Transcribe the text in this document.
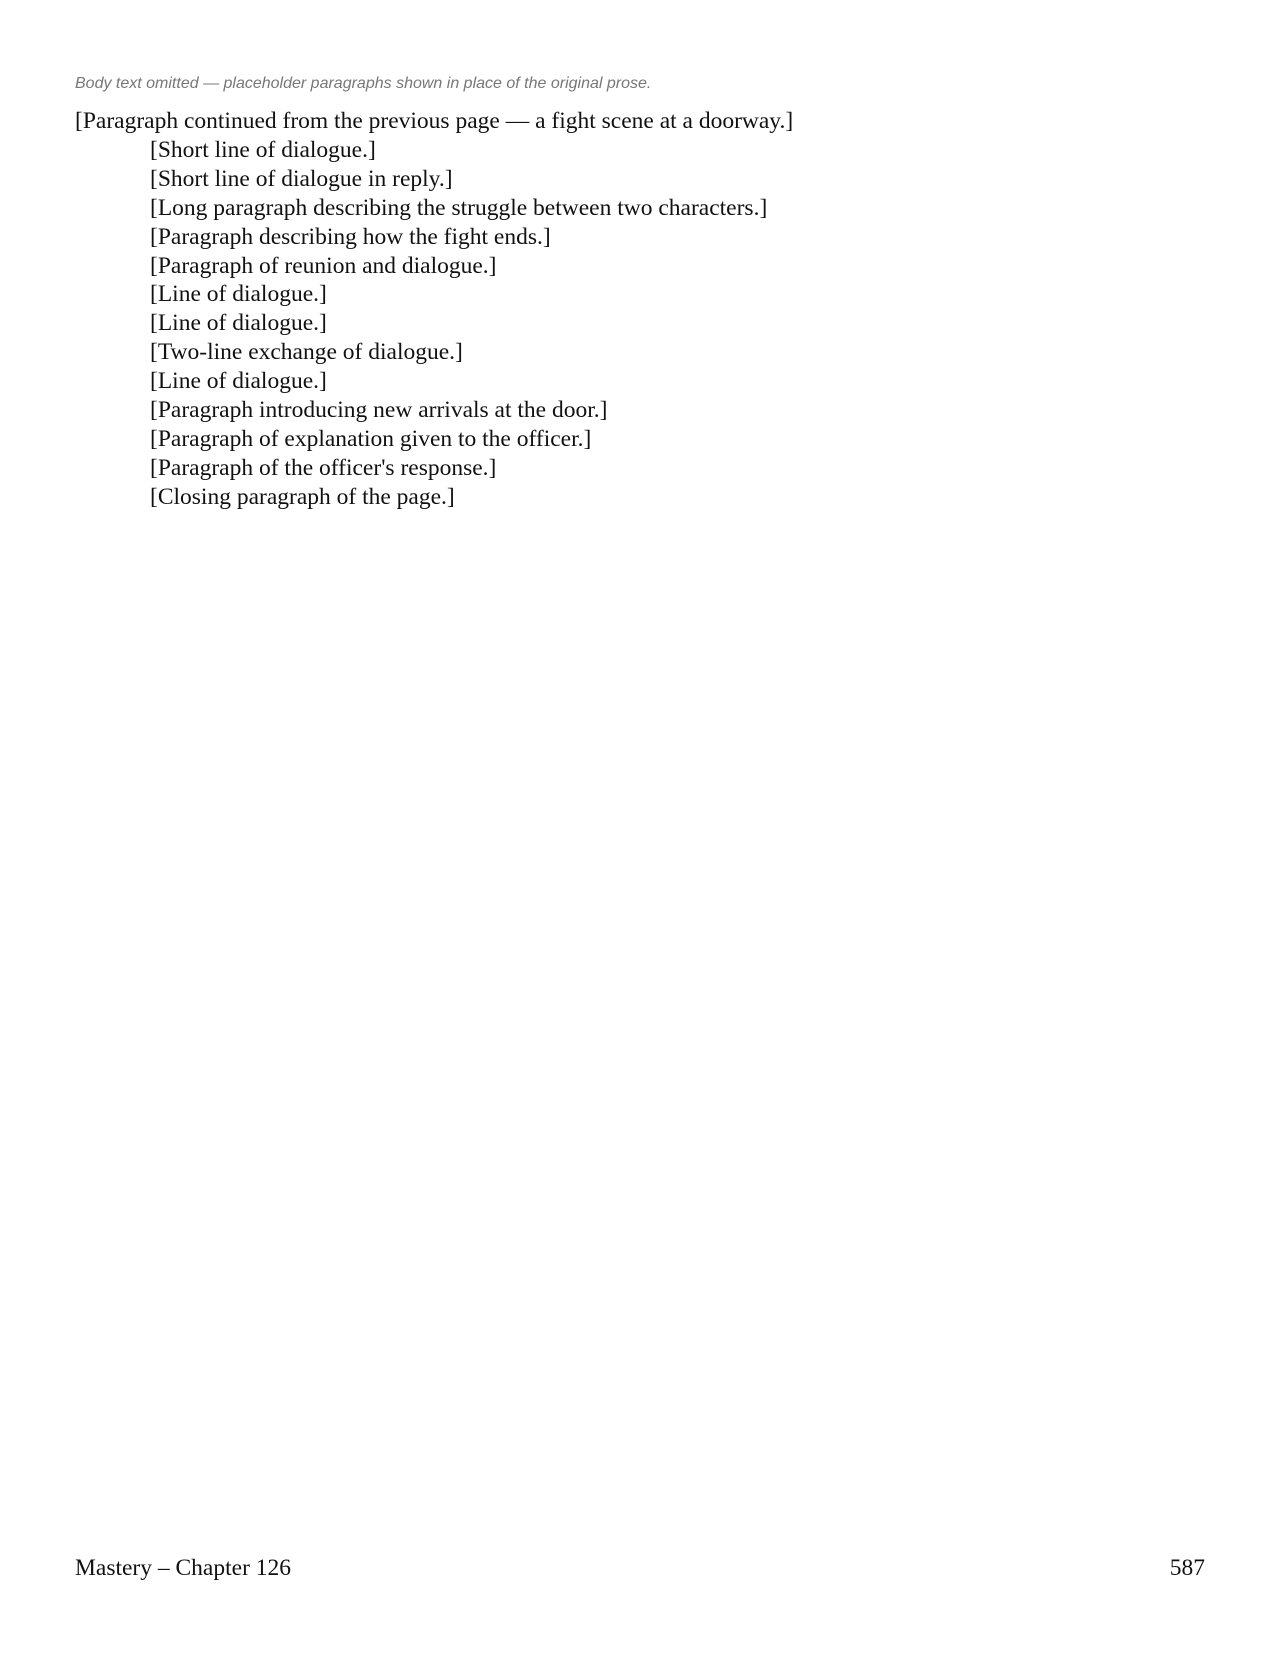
Body text omitted — placeholder paragraphs shown in place of the original prose.

[Paragraph continued from the previous page — a fight scene at a doorway.]

[Short line of dialogue.]

[Short line of dialogue in reply.]

[Long paragraph describing the struggle between two characters.]

[Paragraph describing how the fight ends.]

[Paragraph of reunion and dialogue.]

[Line of dialogue.]

[Line of dialogue.]

[Two-line exchange of dialogue.]

[Line of dialogue.]

[Paragraph introducing new arrivals at the door.]

[Paragraph of explanation given to the officer.]

[Paragraph of the officer's response.]

[Closing paragraph of the page.]

Mastery – Chapter 126	587
